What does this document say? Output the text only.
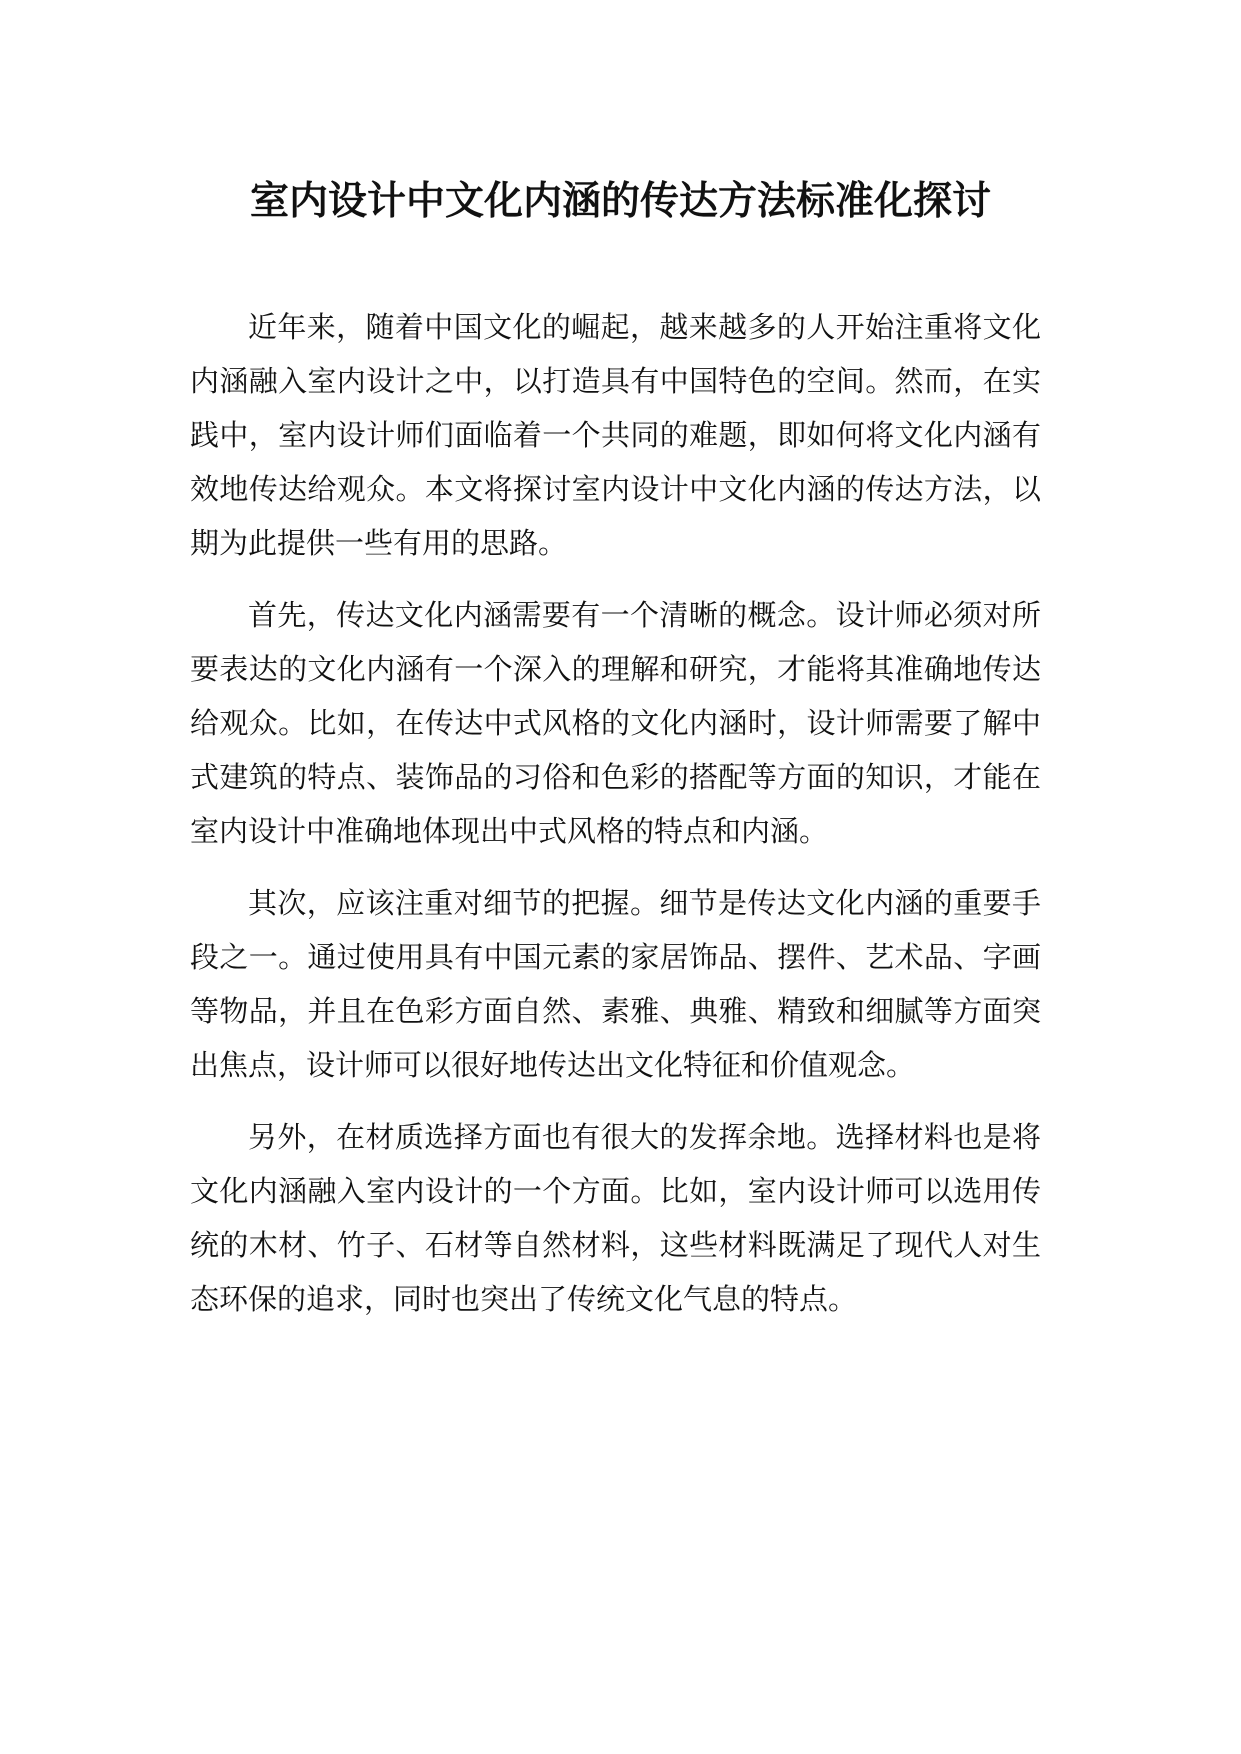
室内设计中文化内涵的传达方法标准化探讨

近年来，随着中国文化的崛起，越来越多的人开始注重将文化内涵融入室内设计之中，以打造具有中国特色的空间。然而，在实践中，室内设计师们面临着一个共同的难题，即如何将文化内涵有效地传达给观众。本文将探讨室内设计中文化内涵的传达方法，以期为此提供一些有用的思路。

首先，传达文化内涵需要有一个清晰的概念。设计师必须对所要表达的文化内涵有一个深入的理解和研究，才能将其准确地传达给观众。比如，在传达中式风格的文化内涵时，设计师需要了解中式建筑的特点、装饰品的习俗和色彩的搭配等方面的知识，才能在室内设计中准确地体现出中式风格的特点和内涵。

其次，应该注重对细节的把握。细节是传达文化内涵的重要手段之一。通过使用具有中国元素的家居饰品、摆件、艺术品、字画等物品，并且在色彩方面自然、素雅、典雅、精致和细腻等方面突出焦点，设计师可以很好地传达出文化特征和价值观念。

另外，在材质选择方面也有很大的发挥余地。选择材料也是将文化内涵融入室内设计的一个方面。比如，室内设计师可以选用传统的木材、竹子、石材等自然材料，这些材料既满足了现代人对生态环保的追求，同时也突出了传统文化气息的特点。
